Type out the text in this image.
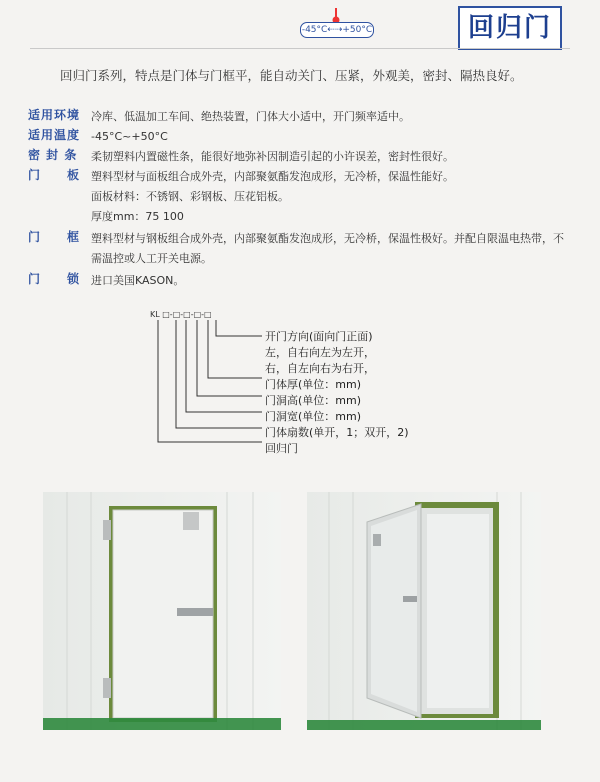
-45°C⇠⇢+50°C	回归门
回归门系列，特点是门体与门框平，能自动关门、压紧，外观美，密封、隔热良好。
适用环境 冷库、低温加工车间、绝热装置，门体大小适中，开门频率适中。
适用温度 -45°C~+50°C
密 封 条	柔韧塑料内置磁性条，能很好地弥补因制造引起的小许误差，密封性很好。
门　　板 塑料型材与面板组合成外壳，内部聚氨酯发泡成形，无冷桥，保温性能好。
面板材料：不锈钢、彩钢板、压花铝板。
厚度mm：75 100
门　　框 塑料型材与钢板组合成外壳，内部聚氨酯发泡成形，无冷桥，保温性极好。并配自限温电热带，不
需温控或人工开关电源。
门　　锁 进口美国KASON。
KL □-□-□-□-□
开门方向(面向门正面)
左，自右向左为左开，
右，自左向右为右开，
门体厚(单位：mm)
门洞高(单位：mm)
门洞宽(单位：mm)
门体扇数(单开，1；双开，2)
回归门
